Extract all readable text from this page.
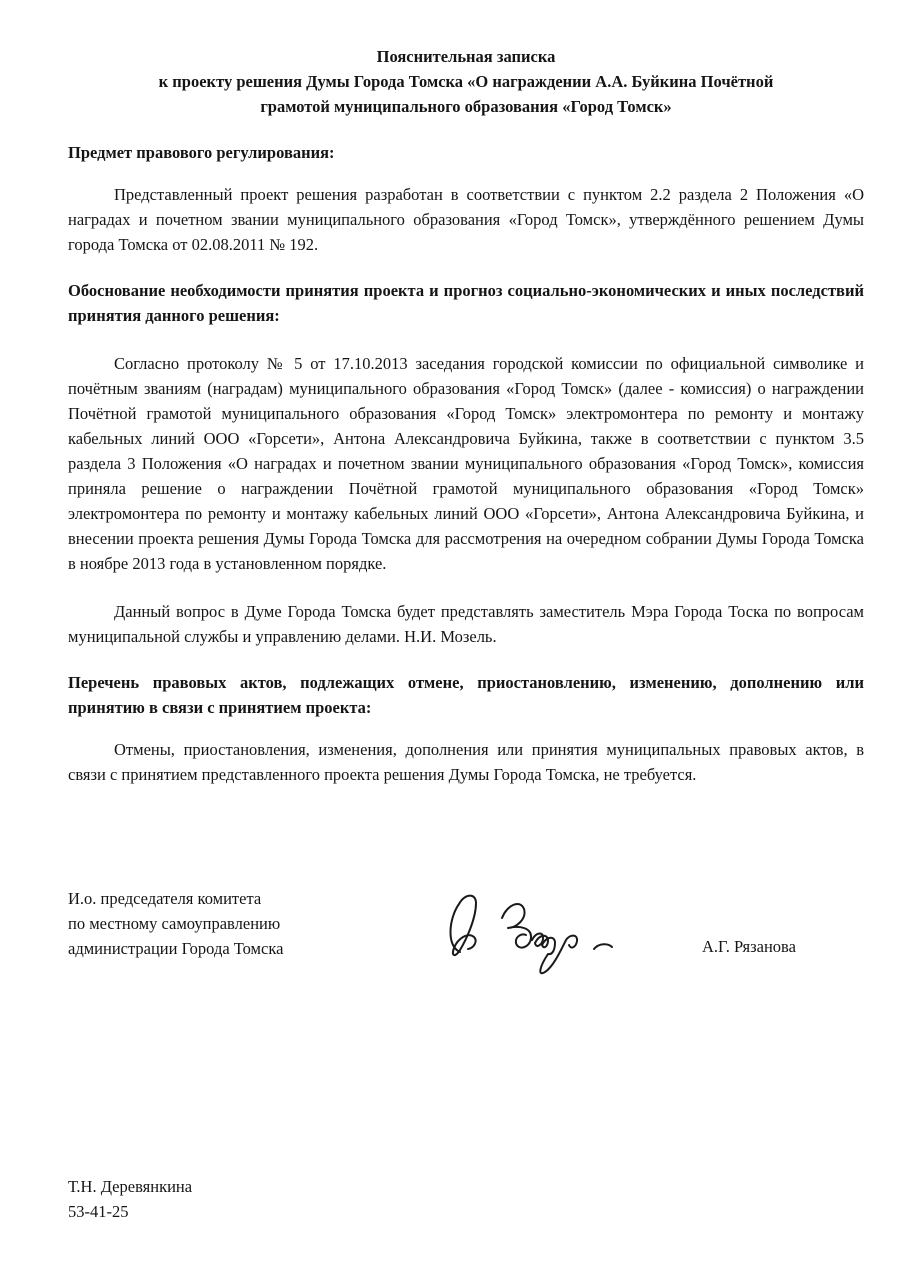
Пояснительная записка
к проекту решения Думы Города Томска «О награждении А.А. Буйкина Почётной
грамотой муниципального образования «Город Томск»

Предмет правового регулирования:

Представленный проект решения разработан в соответствии с пунктом 2.2 раздела 2 Положения «О наградах и почетном звании муниципального образования «Город Томск», утверждённого решением Думы города Томска от 02.08.2011 № 192.

Обоснование необходимости принятия проекта и прогноз социально-экономических и иных последствий принятия данного решения:

Согласно протоколу № 5 от 17.10.2013 заседания городской комиссии по официальной символике и почётным званиям (наградам) муниципального образования «Город Томск» (далее - комиссия) о награждении Почётной грамотой муниципального образования «Город Томск» электромонтера по ремонту и монтажу кабельных линий ООО «Горсети», Антона Александровича Буйкина, также в соответствии с пунктом 3.5 раздела 3 Положения «О наградах и почетном звании муниципального образования «Город Томск», комиссия приняла решение о награждении Почётной грамотой муниципального образования «Город Томск» электромонтера по ремонту и монтажу кабельных линий ООО «Горсети», Антона Александровича Буйкина, и внесении проекта решения Думы Города Томска для рассмотрения на очередном собрании Думы Города Томска в ноябре 2013 года в установленном порядке.

Данный вопрос в Думе Города Томска будет представлять заместитель Мэра Города Тоска по вопросам муниципальной службы и управлению делами. Н.И. Мозель.

Перечень правовых актов, подлежащих отмене, приостановлению, изменению, дополнению или принятию в связи с принятием проекта:

Отмены, приостановления, изменения, дополнения или принятия муниципальных правовых актов, в связи с принятием представленного проекта решения Думы Города Томска, не требуется.

И.о. председателя комитета
по местному самоуправлению
администрации Города Томска	А.Г. Рязанова
Т.Н. Деревянкина
53-41-25
